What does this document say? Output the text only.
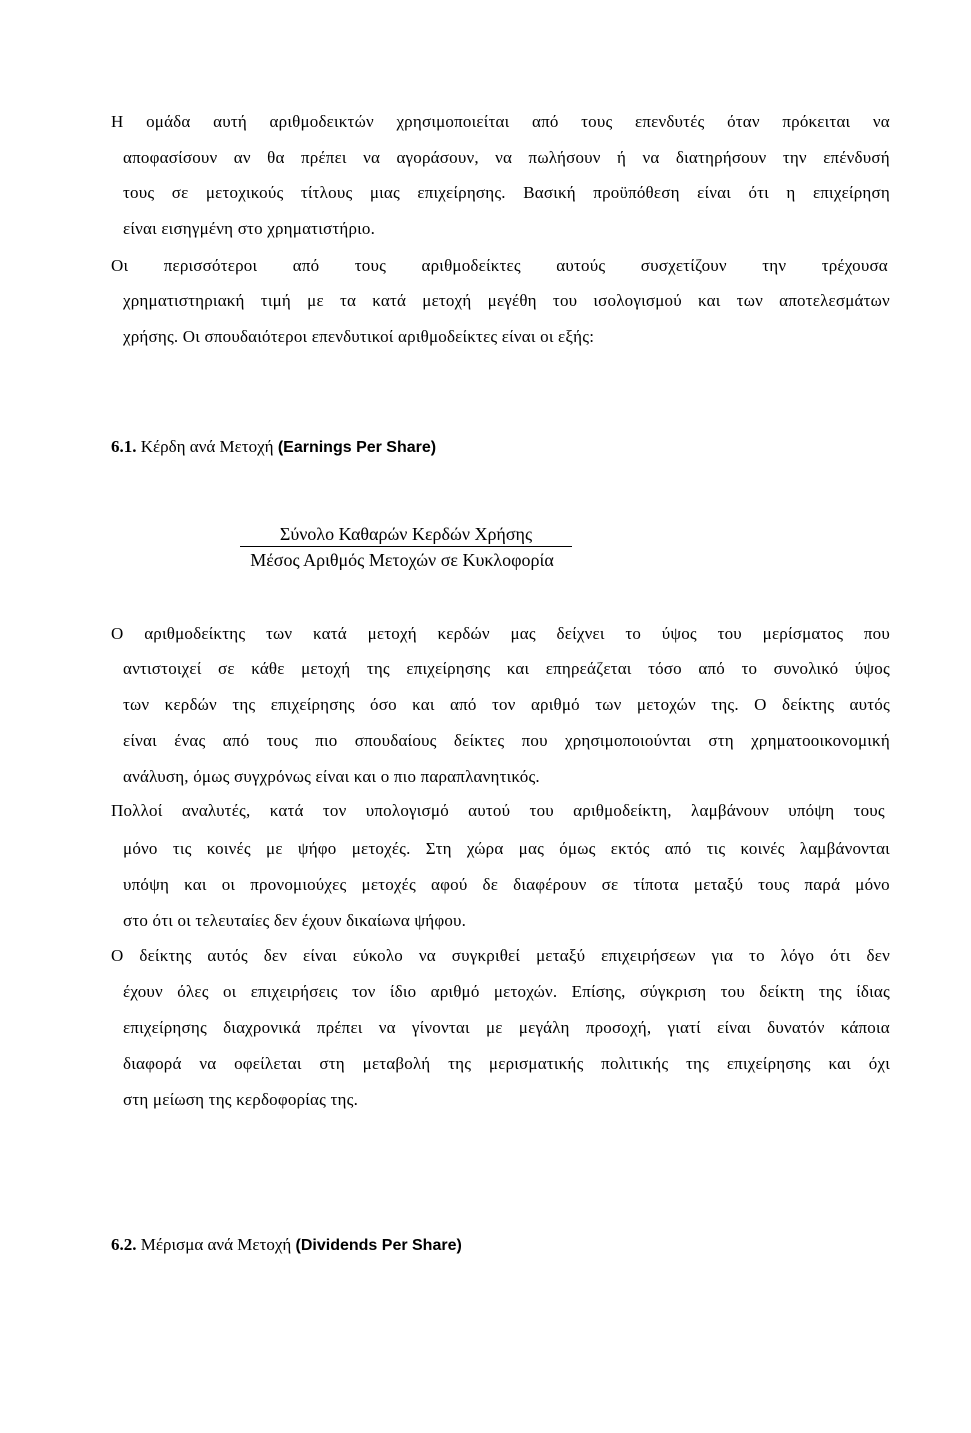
Η ομάδα αυτή αριθμοδεικτών χρησιμοποιείται από τους επενδυτές όταν πρόκειται να
αποφασίσουν αν θα πρέπει να αγοράσουν, να πωλήσουν ή να διατηρήσουν την επένδυσή
τους σε μετοχικούς τίτλους μιας επιχείρησης. Βασική προϋπόθεση είναι ότι η επιχείρηση
είναι εισηγμένη στο χρηματιστήριο.
Οι περισσότεροι από τους αριθμοδείκτες αυτούς συσχετίζουν την τρέχουσα
χρηματιστηριακή τιμή με τα κατά μετοχή μεγέθη του ισολογισμού και των αποτελεσμάτων
χρήσης. Οι σπουδαιότεροι επενδυτικοί αριθμοδείκτες είναι οι εξής:
6.1. Κέρδη ανά Μετοχή (Earnings Per Share)
Σύνολο Καθαρών Κερδών Χρήσης
Μέσος Αριθμός Μετοχών σε Κυκλοφορία
Ο αριθμοδείκτης των κατά μετοχή κερδών μας δείχνει το ύψος του μερίσματος που
αντιστοιχεί σε κάθε μετοχή της επιχείρησης και επηρεάζεται τόσο από το συνολικό ύψος
των κερδών της επιχείρησης όσο και από τον αριθμό των μετοχών της. Ο δείκτης αυτός
είναι ένας από τους πιο σπουδαίους δείκτες που χρησιμοποιούνται στη χρηματοοικονομική
ανάλυση, όμως συγχρόνως είναι και ο πιο παραπλανητικός.
Πολλοί αναλυτές, κατά τον υπολογισμό αυτού του αριθμοδείκτη, λαμβάνουν υπόψη τους
μόνο τις κοινές με ψήφο μετοχές. Στη χώρα μας όμως εκτός από τις κοινές λαμβάνονται
υπόψη και οι προνομιούχες μετοχές αφού δε διαφέρουν σε τίποτα μεταξύ τους παρά μόνο
στο ότι οι τελευταίες δεν έχουν δικαίωνα ψήφου.
Ο δείκτης αυτός δεν είναι εύκολο να συγκριθεί μεταξύ επιχειρήσεων για το λόγο ότι δεν
έχουν όλες οι επιχειρήσεις τον ίδιο αριθμό μετοχών. Επίσης, σύγκριση του δείκτη της ίδιας
επιχείρησης διαχρονικά πρέπει να γίνονται με μεγάλη προσοχή, γιατί είναι δυνατόν κάποια
διαφορά να οφείλεται στη μεταβολή της μερισματικής πολιτικής της επιχείρησης και όχι
στη μείωση της κερδοφορίας της.
6.2. Μέρισμα ανά Μετοχή (Dividends Per Share)
